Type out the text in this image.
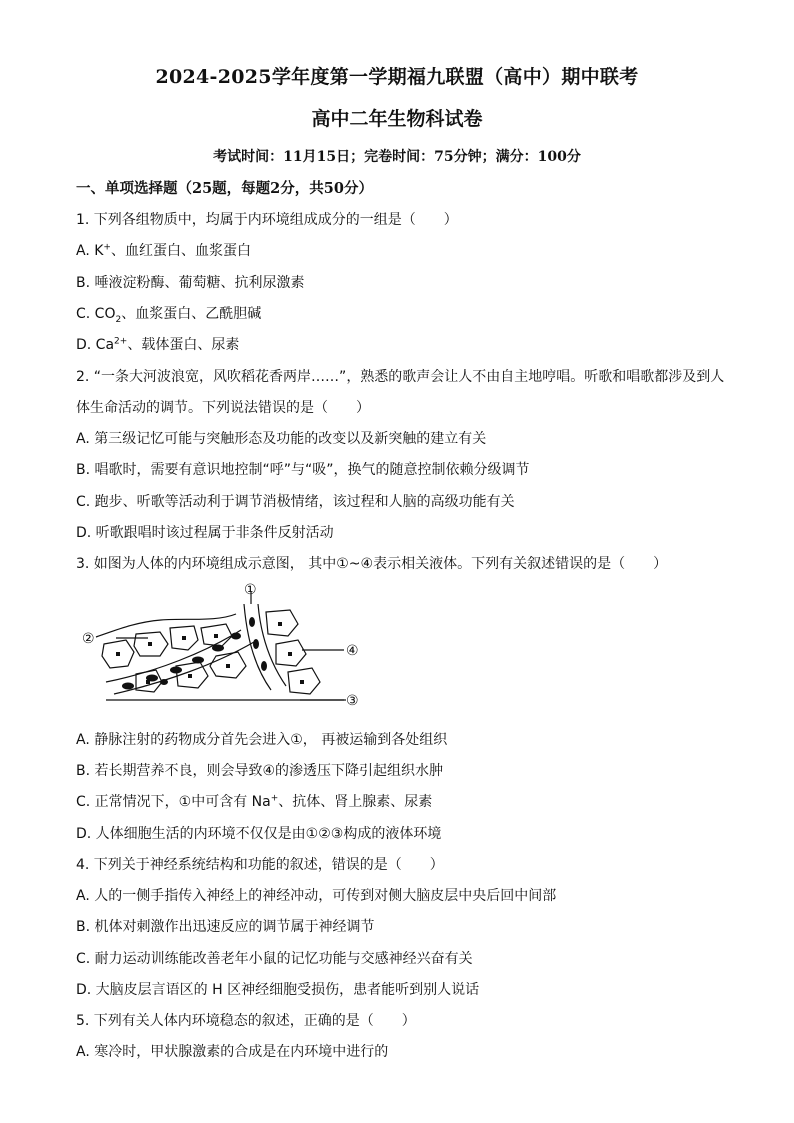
2024-2025学年度第一学期福九联盟（高中）期中联考
高中二年生物科试卷
考试时间：11月15日；完卷时间：75分钟；满分：100分
一、单项选择题（25题，每题2分，共50分）
1. 下列各组物质中，均属于内环境组成成分的一组是（　　）
A. K+、血红蛋白、血浆蛋白
B. 唾液淀粉酶、葡萄糖、抗利尿激素
C. $CO_2$、血浆蛋白、乙酰胆碱
D. $Ca^{2+}$、载体蛋白、尿素
2. “一条大河波浪宽，风吹稻花香两岸……”，熟悉的歌声会让人不由自主地哼唱。听歌和唱歌都涉及到人
体生命活动的调节。下列说法错误的是（　　）
A. 第三级记忆可能与突触形态及功能的改变以及新突触的建立有关
B. 唱歌时，需要有意识地控制“呼”与“吸”，换气的随意控制依赖分级调节
C. 跑步、听歌等活动利于调节消极情绪，该过程和人脑的高级功能有关
D. 听歌跟唱时该过程属于非条件反射活动
3. 如图为人体的内环境组成示意图， 其中①~④表示相关液体。下列有关叙述错误的是（　　）
①
②
③
④
A. 静脉注射的药物成分首先会进入①， 再被运输到各处组织
B. 若长期营养不良，则会导致④的渗透压下降引起组织水肿
C. 正常情况下，①中可含有 Na+、抗体、肾上腺素、尿素
D. 人体细胞生活的内环境不仅仅是由①②③构成的液体环境
4. 下列关于神经系统结构和功能的叙述，错误的是（　　）
A. 人的一侧手指传入神经上的神经冲动，可传到对侧大脑皮层中央后回中间部
B. 机体对刺激作出迅速反应的调节属于神经调节
C. 耐力运动训练能改善老年小鼠的记忆功能与交感神经兴奋有关
D. 大脑皮层言语区的 H 区神经细胞受损伤，患者能听到别人说话
5. 下列有关人体内环境稳态的叙述，正确的是（　　）
A. 寒冷时，甲状腺激素的合成是在内环境中进行的
